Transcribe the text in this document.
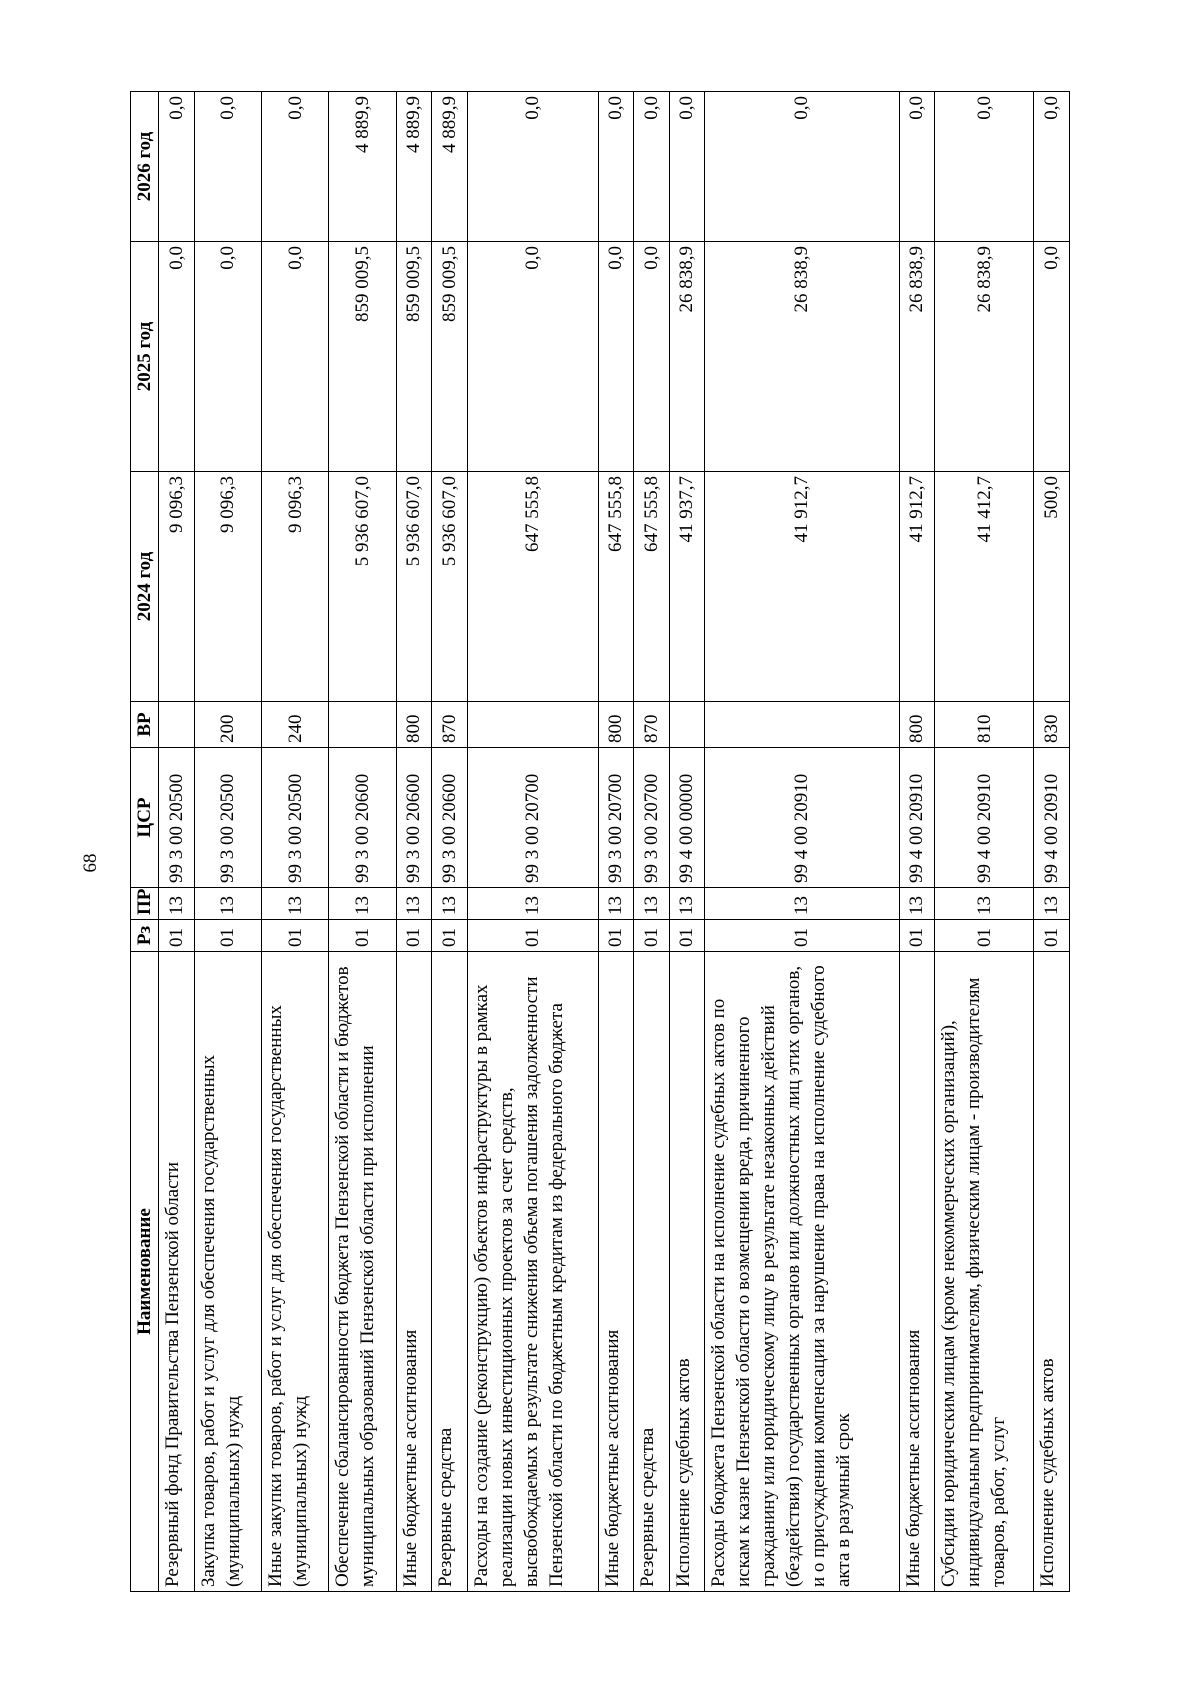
68
Наименование	Рз	ПР	ЦСР	ВР	2024 год	2025 год	2026 год
Резервный фонд Правительства Пензенской области	01	13	99 3 00 20500		9 096,3	0,0	0,0
Закупка товаров, работ и услуг для обеспечения государственных (муниципальных) нужд	01	13	99 3 00 20500	200	9 096,3	0,0	0,0
Иные закупки товаров, работ и услуг для обеспечения государственных (муниципальных) нужд	01	13	99 3 00 20500	240	9 096,3	0,0	0,0
Обеспечение сбалансированности бюджета Пензенской области и бюджетов муниципальных образований Пензенской области при исполнении	01	13	99 3 00 20600		5 936 607,0	859 009,5	4 889,9
Иные бюджетные ассигнования	01	13	99 3 00 20600	800	5 936 607,0	859 009,5	4 889,9
Резервные средства	01	13	99 3 00 20600	870	5 936 607,0	859 009,5	4 889,9
Расходы на создание (реконструкцию) объектов инфраструктуры в рамках реализации новых инвестиционных проектов за счет средств, высвобождаемых в результате снижения объема погашения задолженности Пензенской области по бюджетным кредитам из федерального бюджета	01	13	99 3 00 20700		647 555,8	0,0	0,0
Иные бюджетные ассигнования	01	13	99 3 00 20700	800	647 555,8	0,0	0,0
Резервные средства	01	13	99 3 00 20700	870	647 555,8	0,0	0,0
Исполнение судебных актов	01	13	99 4 00 00000		41 937,7	26 838,9	0,0
Расходы бюджета Пензенской области на исполнение судебных актов по искам к казне Пензенской области о возмещении вреда, причиненного гражданину или юридическому лицу в результате незаконных действий (бездействия) государственных органов или должностных лиц этих органов, и о присуждении компенсации за нарушение права на исполнение судебного акта в разумный срок	01	13	99 4 00 20910		41 912,7	26 838,9	0,0
Иные бюджетные ассигнования	01	13	99 4 00 20910	800	41 912,7	26 838,9	0,0
Субсидии юридическим лицам (кроме некоммерческих организаций), индивидуальным предпринимателям, физическим лицам - производителям товаров, работ, услуг	01	13	99 4 00 20910	810	41 412,7	26 838,9	0,0
Исполнение судебных актов	01	13	99 4 00 20910	830	500,0	0,0	0,0
